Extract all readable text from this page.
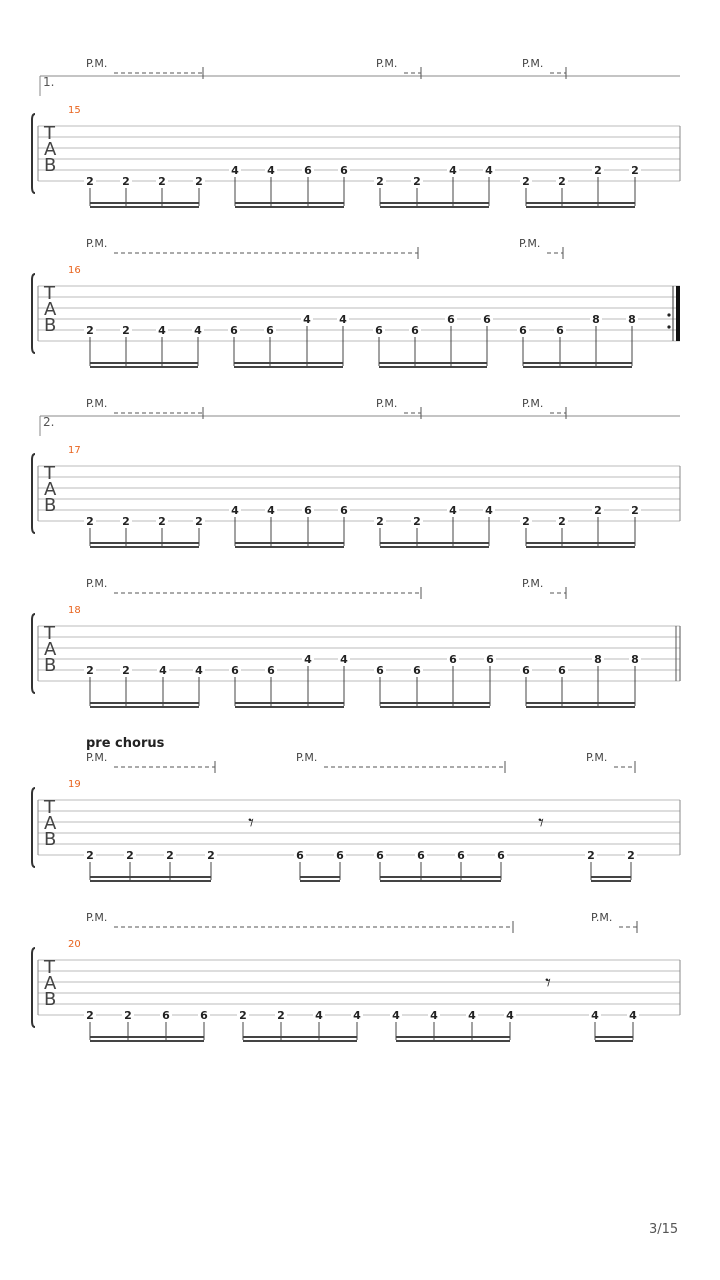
1.
P.M.	P.M.	P.M.
15
T
A
B
2	2	2	2
4	4	6	6
2	2
4	4
2	2
2	2
P.M.	P.M.
16
T
A
B	2	2	4	4	6	6
4	4
6	6
6	6
6	6
8	8
2.
P.M.	P.M.	P.M.
17
T
A
B
2	2	2	2
4	4	6	6
2	2
4	4
2	2
2	2
P.M.	P.M.
18
T
A
B	2	2	4	4	6	6
4	4
6	6
6	6
6	6
8	8
pre chorus
P.M.	P.M.	P.M.
19
T
A
B
𝄾	𝄾
2	2	2	2	6	6	6	6	6	6	2	2
P.M.	P.M.
20
T
A
B
𝄾
2	2	6	6	2	2	4	4	4	4	4	4	4	4
3/15
